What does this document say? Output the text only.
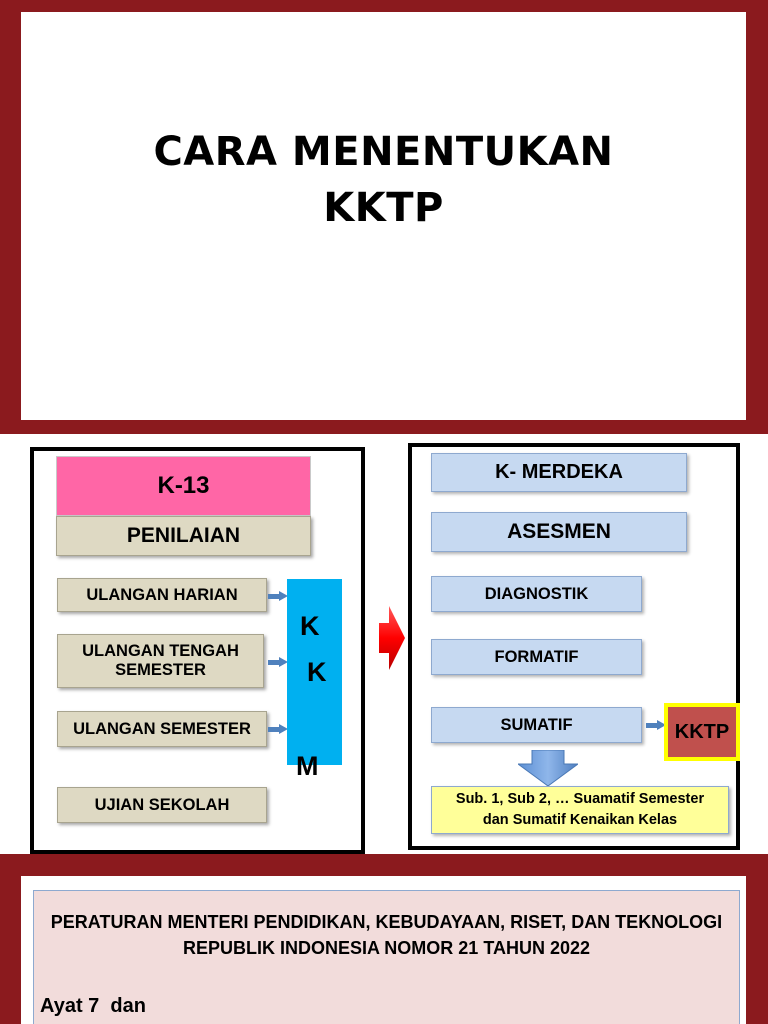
CARA MENENTUKAN
KKTP
K-13
PENILAIAN
ULANGAN HARIAN
ULANGAN TENGAH
SEMESTER
ULANGAN SEMESTER
UJIAN SEKOLAH
K
K
M
K- MERDEKA
ASESMEN
DIAGNOSTIK
FORMATIF
SUMATIF	KKTP
Sub. 1, Sub 2, … Suamatif Semester
dan Sumatif Kenaikan Kelas
PERATURAN MENTERI PENDIDIKAN, KEBUDAYAAN, RISET, DAN TEKNOLOGI
REPUBLIK INDONESIA NOMOR 21 TAHUN 2022
Ayat 7  dan
